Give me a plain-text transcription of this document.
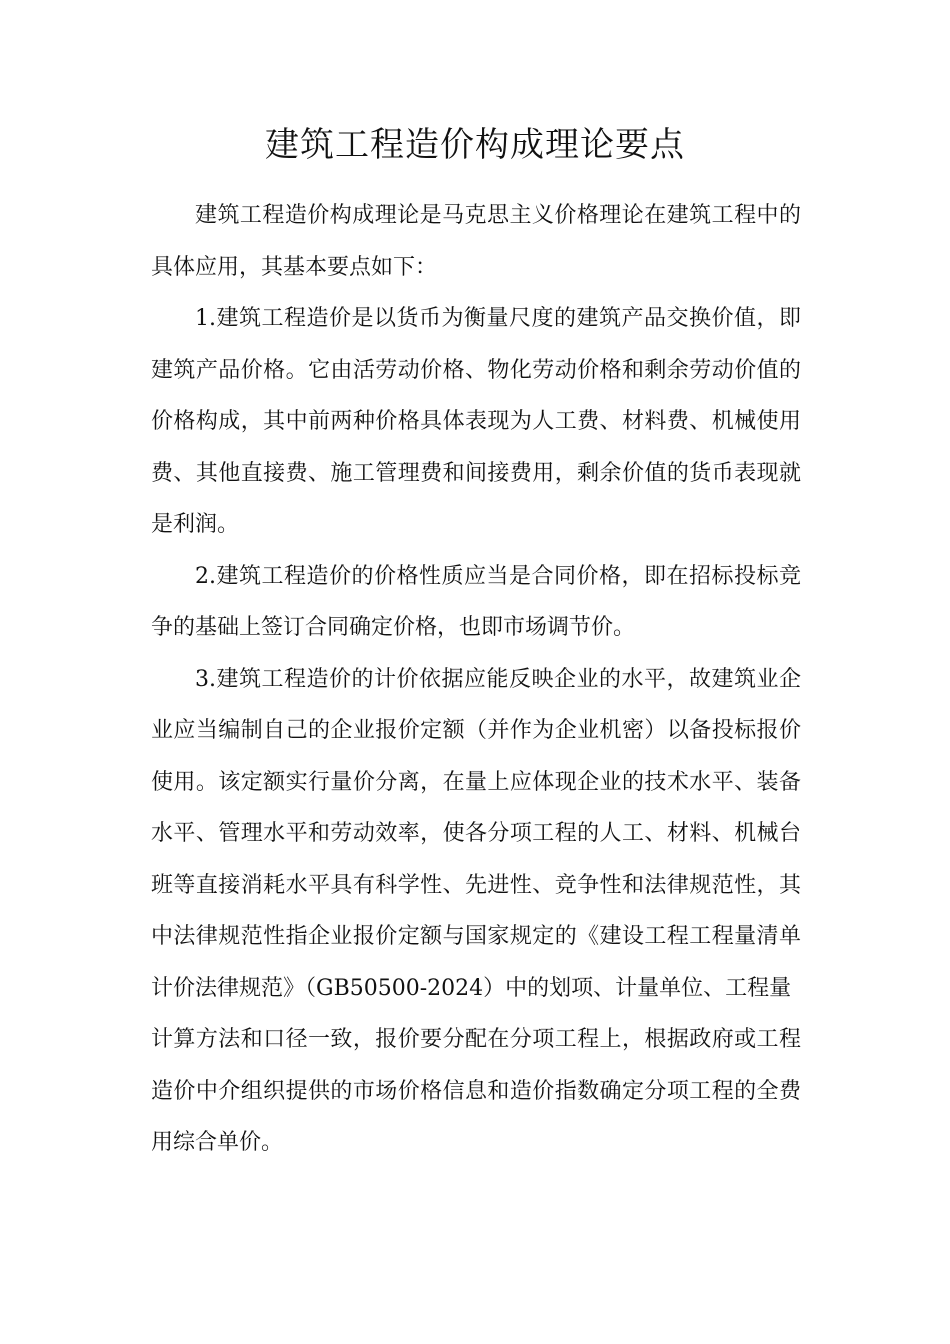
建筑工程造价构成理论要点
建筑工程造价构成理论是马克思主义价格理论在建筑工程中的
具体应用，其基本要点如下：
1.建筑工程造价是以货币为衡量尺度的建筑产品交换价值，即
建筑产品价格。它由活劳动价格、物化劳动价格和剩余劳动价值的
价格构成，其中前两种价格具体表现为人工费、材料费、机械使用
费、其他直接费、施工管理费和间接费用，剩余价值的货币表现就
是利润。
2.建筑工程造价的价格性质应当是合同价格，即在招标投标竞
争的基础上签订合同确定价格，也即市场调节价。
3.建筑工程造价的计价依据应能反映企业的水平，故建筑业企
业应当编制自己的企业报价定额（并作为企业机密）以备投标报价
使用。该定额实行量价分离，在量上应体现企业的技术水平、装备
水平、管理水平和劳动效率，使各分项工程的人工、材料、机械台
班等直接消耗水平具有科学性、先进性、竞争性和法律规范性，其
中法律规范性指企业报价定额与国家规定的《建设工程工程量清单
计价法律规范》（GB50500-2024）中的划项、计量单位、工程量
计算方法和口径一致，报价要分配在分项工程上，根据政府或工程
造价中介组织提供的市场价格信息和造价指数确定分项工程的全费
用综合单价。
